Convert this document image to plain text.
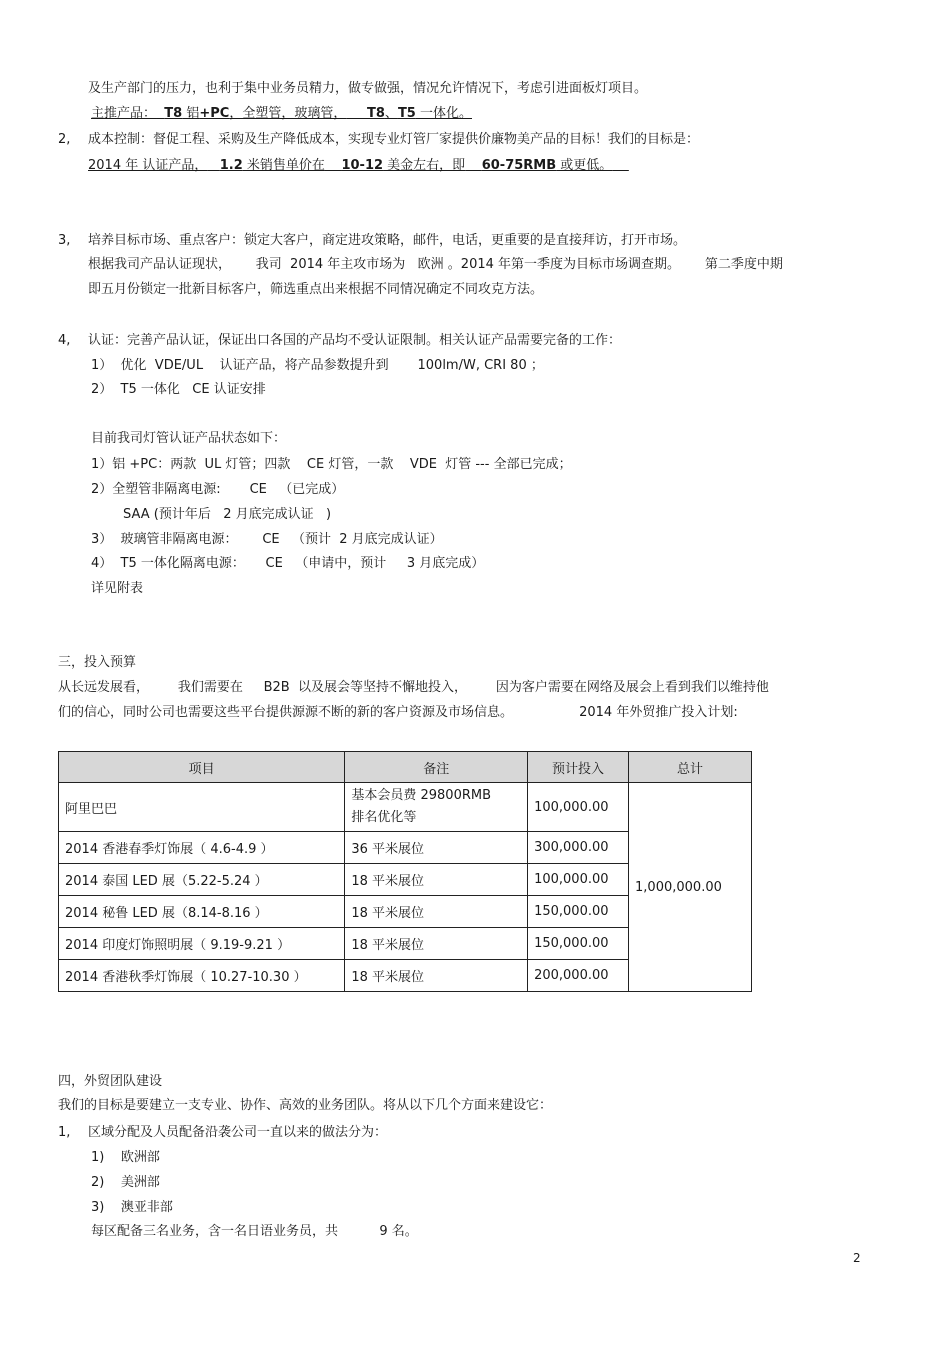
及生产部门的压力，也利于集中业务员精力，做专做强，情况允许情况下，考虑引进面板灯项目。
主推产品： T8 铝+PC，全塑管，玻璃管， T8、T5 一体化。
2, 成本控制：督促工程、采购及生产降低成本，实现专业灯管厂家提供价廉物美产品的目标！我们的目标是：
2014 年 认证产品， 1.2 米销售单价在 10-12 美金左右，即 60-75RMB 或更低。
3, 培养目标市场、重点客户：锁定大客户，商定进攻策略，邮件，电话，更重要的是直接拜访，打开市场。
根据我司产品认证现状，      我司  2014 年主攻市场为   欧洲 。2014 年第一季度为目标市场调查期。      第二季度中期
即五月份锁定一批新目标客户，筛选重点出来根据不同情况确定不同攻克方法。
4, 认证：完善产品认证，保证出口各国的产品均不受认证限制。相关认证产品需要完备的工作：
1）  优化  VDE/UL    认证产品，将产品参数提升到       100lm/W, CRI 80 ；
2）  T5 一体化   CE 认证安排
目前我司灯管认证产品状态如下：
1）铝 +PC：两款  UL 灯管；四款    CE 灯管，一款    VDE  灯管 --- 全部已完成；
2）全塑管非隔离电源:       CE   （已完成）
SAA (预计年后   2 月底完成认证   )
3）  玻璃管非隔离电源：      CE   （预计  2 月底完成认证）
4）  T5 一体化隔离电源：     CE   （申请中，预计     3 月底完成）
详见附表
三，投入预算
从长远发展看，       我们需要在     B2B  以及展会等坚持不懈地投入，       因为客户需要在网络及展会上看到我们以维持他
们的信心，同时公司也需要这些平台提供源源不断的新的客户资源及市场信息。                2014 年外贸推广投入计划:
项目	备注	预计投入	总计
阿里巴巴	基本会员费 29800RMB
排名优化等	100,000.00	1,000,000.00
2014 香港春季灯饰展（ 4.6-4.9 ）	36 平米展位	300,000.00	
2014 泰国 LED 展（5.22-5.24 ）	18 平米展位	100,000.00	
2014 秘鲁 LED 展（8.14-8.16 ）	18 平米展位	150,000.00	
2014 印度灯饰照明展（ 9.19-9.21 ）	18 平米展位	150,000.00	
2014 香港秋季灯饰展（ 10.27-10.30 ）	18 平米展位	200,000.00	
四，外贸团队建设
我们的目标是要建立一支专业、协作、高效的业务团队。将从以下几个方面来建设它：
1, 区域分配及人员配备沿袭公司一直以来的做法分为：
1)    欧洲部
2)    美洲部
3)    澳亚非部
每区配备三名业务，含一名日语业务员，共          9 名。
2
